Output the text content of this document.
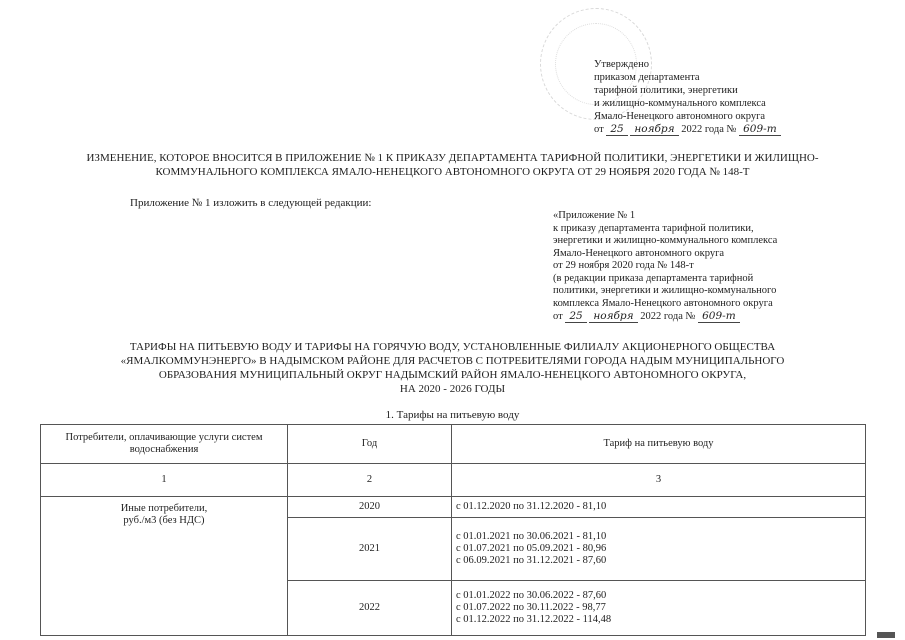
Утверждено
приказом департамента
тарифной политики, энергетики
и жилищно-коммунального комплекса
Ямало-Ненецкого автономного округа
от 25 ноября 2022 года № 609-т
ИЗМЕНЕНИЕ, КОТОРОЕ ВНОСИТСЯ В ПРИЛОЖЕНИЕ № 1 К ПРИКАЗУ ДЕПАРТАМЕНТА ТАРИФНОЙ ПОЛИТИКИ, ЭНЕРГЕТИКИ И ЖИЛИЩНО-КОММУНАЛЬНОГО КОМПЛЕКСА ЯМАЛО-НЕНЕЦКОГО АВТОНОМНОГО ОКРУГА ОТ 29 НОЯБРЯ 2020 ГОДА № 148-Т
Приложение № 1 изложить в следующей редакции:
«Приложение № 1
к приказу департамента тарифной политики,
энергетики и жилищно-коммунального комплекса
Ямало-Ненецкого автономного округа
от 29 ноября 2020 года № 148-т
(в редакции приказа департамента тарифной
политики, энергетики и жилищно-коммунального
комплекса Ямало-Ненецкого автономного округа
от 25 ноября 2022 года № 609-т
ТАРИФЫ НА ПИТЬЕВУЮ ВОДУ И ТАРИФЫ НА ГОРЯЧУЮ ВОДУ, УСТАНОВЛЕННЫЕ ФИЛИАЛУ АКЦИОНЕРНОГО ОБЩЕСТВА
«ЯМАЛКОММУНЭНЕРГО» В НАДЫМСКОМ РАЙОНЕ ДЛЯ РАСЧЕТОВ С ПОТРЕБИТЕЛЯМИ ГОРОДА НАДЫМ МУНИЦИПАЛЬНОГО
ОБРАЗОВАНИЯ МУНИЦИПАЛЬНЫЙ ОКРУГ НАДЫМСКИЙ РАЙОН ЯМАЛО-НЕНЕЦКОГО АВТОНОМНОГО ОКРУГА,
НА 2020 - 2026 ГОДЫ
1. Тарифы на питьевую воду
Потребители, оплачивающие услуги систем водоснабжения	Год	Тариф на питьевую воду
1	2	3

Иные потребители,
руб./м3 (без НДС)	2020	с 01.12.2020 по 31.12.2020 - 81,10

	2021	с 01.01.2021 по 30.06.2021 - 81,10
с 01.07.2021 по 05.09.2021 - 80,96
с 06.09.2021 по 31.12.2021 - 87,60

	2022	с 01.01.2022 по 30.06.2022 - 87,60
с 01.07.2022 по 30.11.2022 - 98,77
с 01.12.2022 по 31.12.2022 - 114,48
